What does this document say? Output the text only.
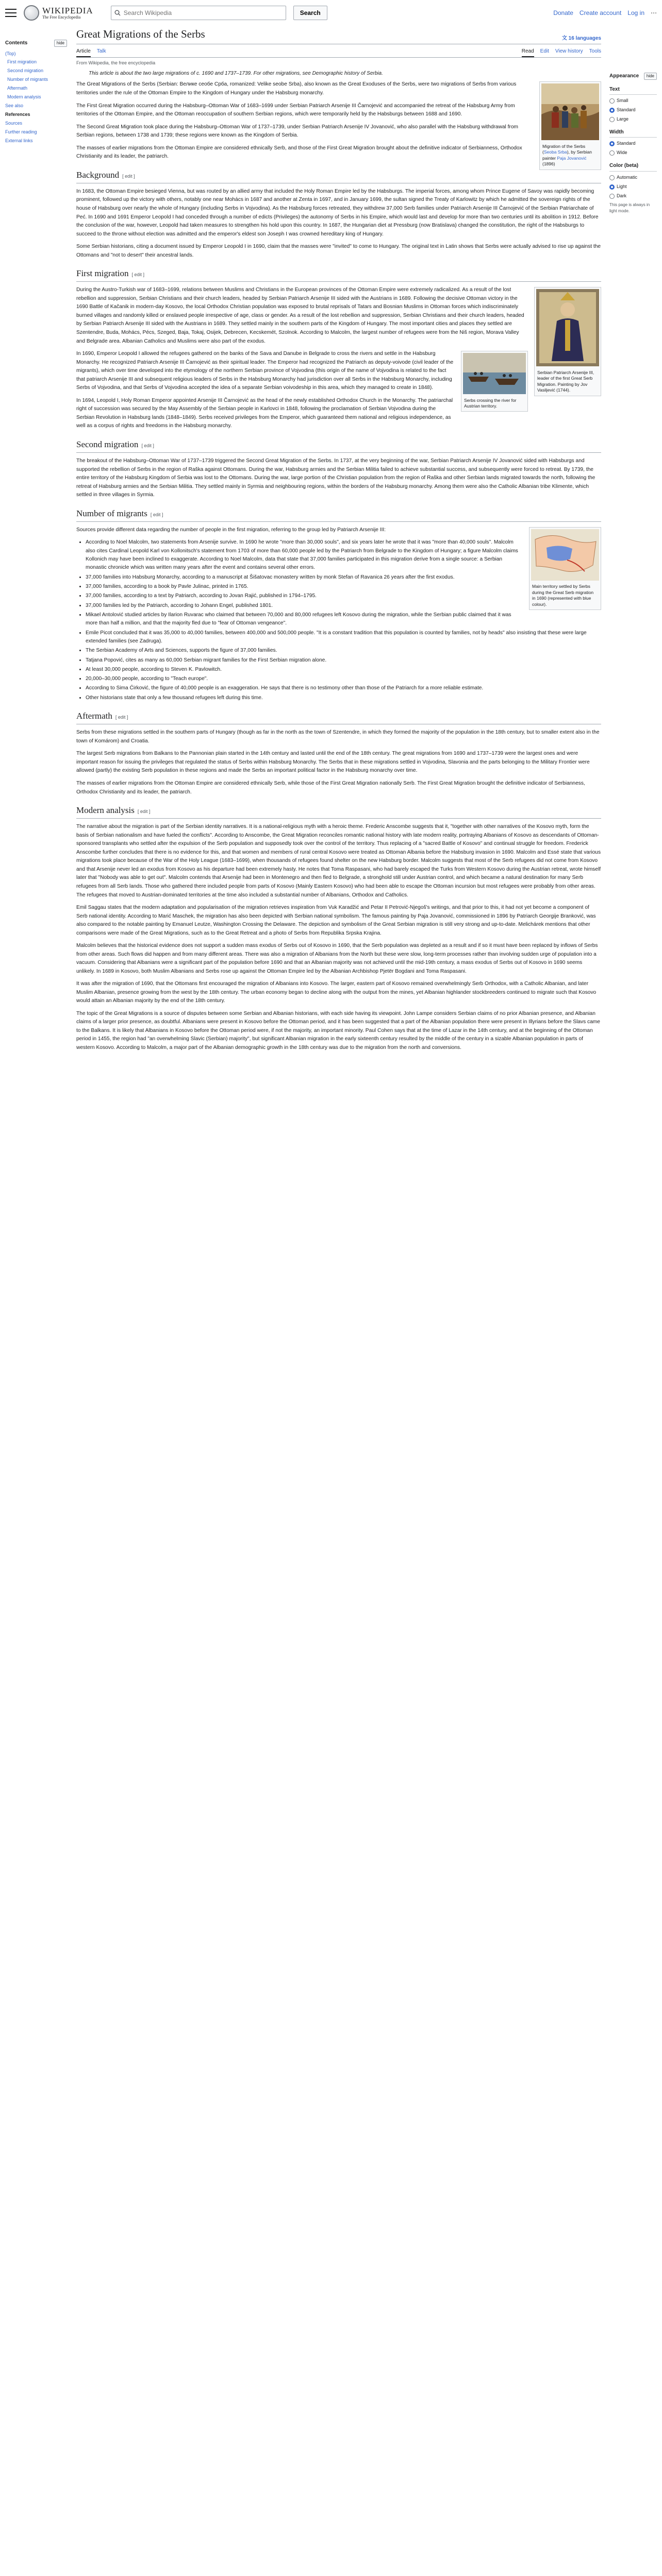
WIKIPEDIA
The Free Encyclopedia
Search Wikipedia
Search	Donate Create account Log in ⋯
Contents	hide
(Top)
First migration
Second migration
Number of migrants
Aftermath
Modern analysis
See also
References
Sources
Further reading
External links
Great Migrations of the Serbs	文 16 languages
Article Talk	Read Edit View history Tools
From Wikipedia, the free encyclopedia
This article is about the two large migrations of c. 1690 and 1737–1739. For other migrations, see Demographic history of Serbia.
Migration of the Serbs (Seoba Srba), by Serbian painter Paja Jovanović (1896)

The Great Migrations of the Serbs (Serbian: Велике сеобе Срба, romanized: Velike seobe Srba), also known as the Great Exoduses of the Serbs, were two migrations of Serbs from various territories under the rule of the Ottoman Empire to the Kingdom of Hungary under the Habsburg monarchy.

The First Great Migration occurred during the Habsburg–Ottoman War of 1683–1699 under Serbian Patriarch Arsenije III Čarnojević and accompanied the retreat of the Habsburg Army from territories of the Ottoman Empire, and the Ottoman reoccupation of southern Serbian regions, which were temporarily held by the Habsburgs between 1688 and 1690.

The Second Great Migration took place during the Habsburg–Ottoman War of 1737–1739, under Serbian Patriarch Arsenije IV Jovanović, who also parallel with the Habsburg withdrawal from Serbian regions, between 1738 and 1739; these regions were known as the Kingdom of Serbia.

The masses of earlier migrations from the Ottoman Empire are considered ethnically Serb, and those of the First Great Migration brought about the definitive indicator of Serbianness, Orthodox Christianity and its leader, the patriarch.

Background [ edit ]

In 1683, the Ottoman Empire besieged Vienna, but was routed by an allied army that included the Holy Roman Empire led by the Habsburgs. The imperial forces, among whom Prince Eugene of Savoy was rapidly becoming prominent, followed up the victory with others, notably one near Mohács in 1687 and another at Zenta in 1697, and in January 1699, the sultan signed the Treaty of Karlowitz by which he admitted the sovereign rights of the house of Habsburg over nearly the whole of Hungary (including Serbs in Vojvodina). As the Habsburg forces retreated, they withdrew 37,000 Serb families under Patriarch Arsenije III Čarnojević of the Serbian Patriarchate of Peć. In 1690 and 1691 Emperor Leopold I had conceded through a number of edicts (Privileges) the autonomy of Serbs in his Empire, which would last and develop for more than two centuries until its abolition in 1912. Before the conclusion of the war, however, Leopold had taken measures to strengthen his hold upon this country. In 1687, the Hungarian diet at Pressburg (now Bratislava) changed the constitution, the right of the Habsburgs to succeed to the throne without election was admitted and the emperor's eldest son Joseph I was crowned hereditary king of Hungary.

Some Serbian historians, citing a document issued by Emperor Leopold I in 1690, claim that the masses were "invited" to come to Hungary. The original text in Latin shows that Serbs were actually advised to rise up against the Ottomans and "not to desert" their ancestral lands.

First migration [ edit ]
Serbian Patriarch Arsenije III, leader of the first Great Serb Migration. Painting by Jov Vasiljević (1744).

During the Austro-Turkish war of 1683–1699, relations between Muslims and Christians in the European provinces of the Ottoman Empire were extremely radicalized. As a result of the lost rebellion and suppression, Serbian Christians and their church leaders, headed by Serbian Patriarch Arsenije III sided with the Austrians in 1689. Following the decisive Ottoman victory in the 1690 Battle of Kačanik in modern-day Kosovo, the local Orthodox Christian population was exposed to brutal reprisals of Tatars and Bosnian Muslims in Ottoman forces which indiscriminately burned villages and randomly killed or enslaved people irrespective of age, class or gender. As a result of the lost rebellion and suppression, Serbian Christians and their church leaders, headed by Serbian Patriarch Arsenije III sided with the Austrians in 1689. They settled mainly in the southern parts of the Kingdom of Hungary. The most important cities and places they settled are Szentendre, Buda, Mohács, Pécs, Szeged, Baja, Tokaj, Osijek, Debrecen, Kecskemét, Szolnok. According to Malcolm, the largest number of refugees were from the Niš region, Morava Valley and Belgrade area. Albanian Catholics and Muslims were also part of the exodus.

Serbs crossing the river for Austrian territory.

In 1690, Emperor Leopold I allowed the refugees gathered on the banks of the Sava and Danube in Belgrade to cross the rivers and settle in the Habsburg Monarchy. He recognized Patriarch Arsenije III Čarnojević as their spiritual leader. The Emperor had recognized the Patriarch as deputy-voivode (civil leader of the migrants), which over time developed into the etymology of the northern Serbian province of Vojvodina (this origin of the name of Vojvodina is related to the fact that patriarch Arsenije III and subsequent religious leaders of Serbs in the Habsburg Monarchy had jurisdiction over all Serbs in the Habsburg Monarchy, including Serbs of Vojvodina, and that Serbs of Vojvodina accepted the idea of a separate Serbian voivodeship in this area, which they managed to create in 1848).

In 1694, Leopold I, Holy Roman Emperor appointed Arsenije III Čarnojević as the head of the newly established Orthodox Church in the Monarchy. The patriarchal right of succession was secured by the May Assembly of the Serbian people in Karlovci in 1848, following the proclamation of Serbian Vojvodina during the Serbian Revolution in Habsburg lands (1848–1849). Serbs received privileges from the Emperor, which guaranteed them national and religious independence, as well as a corpus of rights and freedoms in the Habsburg monarchy.

Second migration [ edit ]

The breakout of the Habsburg–Ottoman War of 1737–1739 triggered the Second Great Migration of the Serbs. In 1737, at the very beginning of the war, Serbian Patriarch Arsenije IV Jovanović sided with Habsburgs and supported the rebellion of Serbs in the region of Raška against Ottomans. During the war, Habsburg armies and the Serbian Militia failed to achieve substantial success, and subsequently were forced to retreat. By 1739, the entire territory of the Habsburg Kingdom of Serbia was lost to the Ottomans. During the war, large portion of the Christian population from the region of Raška and other Serbian lands migrated towards the north, following the retreat of Habsburg armies and the Serbian Militia. They settled mainly in Syrmia and neighbouring regions, within the borders of the Habsburg monarchy. Among them were also the Catholic Albanian tribe Klimente, which settled in three villages in Syrmia.

Number of migrants [ edit ]
Main territory settled by Serbs during the Great Serb migration in 1690 (represented with blue colour).

Sources provide different data regarding the number of people in the first migration, referring to the group led by Patriarch Arsenije III:

• According to Noel Malcolm, two statements from Arsenije survive. In 1690 he wrote "more than 30,000 souls", and six years later he wrote that it was "more than 40,000 souls". Malcolm also cites Cardinal Leopold Karl von Kollonitsch's statement from 1703 of more than 60,000 people led by the Patriarch from Belgrade to the Kingdom of Hungary; a figure Malcolm claims Kollonich may have been inclined to exaggerate. According to Noel Malcolm, data that state that 37,000 families participated in this migration derive from a single source: a Serbian monastic chronicle which was written many years after the event and contains several other errors.
• 37,000 families into Habsburg Monarchy, according to a manuscript at Šišatovac monastery written by monk Stefan of Ravanica 26 years after the first exodus.
• 37,000 families, according to a book by Pavle Julinac, printed in 1765.
• 37,000 families, according to a text by Patriarch, according to Jovan Rajić, published in 1794–1795.
• 37,000 families led by the Patriarch, according to Johann Engel, published 1801.
• Mikael Antolović studied articles by Ilarion Ruvarac who claimed that between 70,000 and 80,000 refugees left Kosovo during the migration, while the Serbian public claimed that it was more than half a million, and that the majority fled due to "fear of Ottoman vengeance".
• Emile Picot concluded that it was 35,000 to 40,000 families, between 400,000 and 500,000 people. "It is a constant tradition that this population is counted by families, not by heads" also insisting that these were large extended families (see Zadruga).
• The Serbian Academy of Arts and Sciences, supports the figure of 37,000 families.
• Tatjana Popović, cites as many as 60,000 Serbian migrant families for the First Serbian migration alone.
• At least 30,000 people, according to Steven K. Pavlowitch.
• 20,000–30,000 people, according to "Teach europe".
• According to Sima Ćirković, the figure of 40,000 people is an exaggeration. He says that there is no testimony other than those of the Patriarch for a more reliable estimate.
• Other historians state that only a few thousand refugees left during this time.
Aftermath [ edit ]

Serbs from these migrations settled in the southern parts of Hungary (though as far in the north as the town of Szentendre, in which they formed the majority of the population in the 18th century, but to smaller extent also in the town of Komárom) and Croatia.

The largest Serb migrations from Balkans to the Pannonian plain started in the 14th century and lasted until the end of the 18th century. The great migrations from 1690 and 1737–1739 were the largest ones and were important reason for issuing the privileges that regulated the status of Serbs within Habsburg Monarchy. The Serbs that in these migrations settled in Vojvodina, Slavonia and the parts belonging to the Military Frontier were allowed (partly) the existing Serb population in these regions and made the Serbs an important political factor in the Habsburg monarchy over time.

The masses of earlier migrations from the Ottoman Empire are considered ethnically Serb, while those of the First Great Migration nationally Serb. The First Great Migration brought the definitive indicator of Serbianness, Orthodox Christianity and its leader, the patriarch.

Modern analysis [ edit ]

The narrative about the migration is part of the Serbian identity narratives. It is a national-religious myth with a heroic theme. Frederic Anscombe suggests that it, "together with other narratives of the Kosovo myth, form the basis of Serbian nationalism and have fueled the conflicts". According to Anscombe, the Great Migration reconciles romantic national history with late modern reality, portraying Albanians of Kosovo as descendants of Ottoman-sponsored transplants who settled after the expulsion of the Serb population and supposedly took over the control of the territory. Thus replacing of a "sacred Battle of Kosovo" and continual struggle for freedom. Frederick Anscombe further concludes that there is no evidence for this, and that women and members of rural central Kosovo were treated as Ottoman Albania before the Habsburg invasion in 1690. Malcolm and Essé state that various migrations took place because of the War of the Holy League (1683–1699), when thousands of refugees found shelter on the new Habsburg border. Malcolm suggests that most of the Serb refugees did not come from Kosovo and that Arsenije never led an exodus from Kosovo as his departure had been extremely hasty. He notes that Toma Raspasani, who had barely escaped the Turks from Western Kosovo during the Austrian retreat, wrote himself later that "Nobody was able to get out". Malcolm contends that Arsenije had been in Montenegro and then fled to Belgrade, a stronghold still under Austrian control, and which became a natural destination for many Serb refugees from all Serb lands. Those who gathered there included people from parts of Kosovo (Mainly Eastern Kosovo) who had been able to escape the Ottoman incursion but most refugees were probably from other areas. The refugees that moved to Austrian-dominated territories at the time also included a substantial number of Albanians, Orthodox and Catholics.

Emil Saggau states that the modern adaptation and popularisation of the migration retrieves inspiration from Vuk Karadžić and Petar II Petrović-Njegoš's writings, and that prior to this, it had not yet become a component of Serb national identity. According to Marić Maschek, the migration has also been depicted with Serbian national symbolism. The famous painting by Paja Jovanović, commissioned in 1896 by Patriarch Georgije Branković, was also compared to the notable painting by Emanuel Leutze, Washington Crossing the Delaware. The depiction and symbolism of the Great Serbian migration is still very strong and up-to-date. Melichárek mentions that other comparisons were made of the Great Migrations, such as to the Great Retreat and a photo of Serbs from Republika Srpska Krajina.

Malcolm believes that the historical evidence does not support a sudden mass exodus of Serbs out of Kosovo in 1690, that the Serb population was depleted as a result and if so it must have been replaced by inflows of Serbs from other areas. Such flows did happen and from many different areas. There was also a migration of Albanians from the North but these were slow, long-term processes rather than involving sudden urge of population into a vacuum. Considering that Albanians were a significant part of the population before 1690 and that an Albanian majority was not achieved until the mid-19th century, a mass exodus of Serbs out of Kosovo in 1690 seems unlikely. In 1689 in Kosovo, both Muslim Albanians and Serbs rose up against the Ottoman Empire led by the Albanian Archbishop Pjetër Bogdani and Toma Raspasani.

It was after the migration of 1690, that the Ottomans first encouraged the migration of Albanians into Kosovo. The larger, eastern part of Kosovo remained overwhelmingly Serb Orthodox, with a Catholic Albanian, and later Muslim Albanian, presence growing from the west by the 18th century. The urban economy began to decline along with the output from the mines, yet Albanian highlander stockbreeders continued to migrate such that Kosovo would attain an Albanian majority by the end of the 18th century.

The topic of the Great Migrations is a source of disputes between some Serbian and Albanian historians, with each side having its viewpoint. John Lampe considers Serbian claims of no prior Albanian presence, and Albanian claims of a larger prior presence, as doubtful. Albanians were present in Kosovo before the Ottoman period, and it has been suggested that a part of the Albanian population there were present in Illyrians before the Slavs came to the Balkans. It is likely that Albanians in Kosovo before the Ottoman period were, if not the majority, an important minority. Paul Cohen says that at the time of Lazar in the 14th century, and at the beginning of the Ottoman period in 1455, the region had "an overwhelming Slavic (Serbian) majority", but significant Albanian migration in the early sixteenth century resulted by the middle of the century in a sizable Albanian population in parts of western Kosovo. According to Malcolm, a major part of the Albanian demographic growth in the 18th century was due to the migration from the north and conversions.

Appearance	hide
Text
Small
Standard
Large
Width
Standard
Wide
Color (beta)
Automatic
Light
Dark
This page is always in light mode.
